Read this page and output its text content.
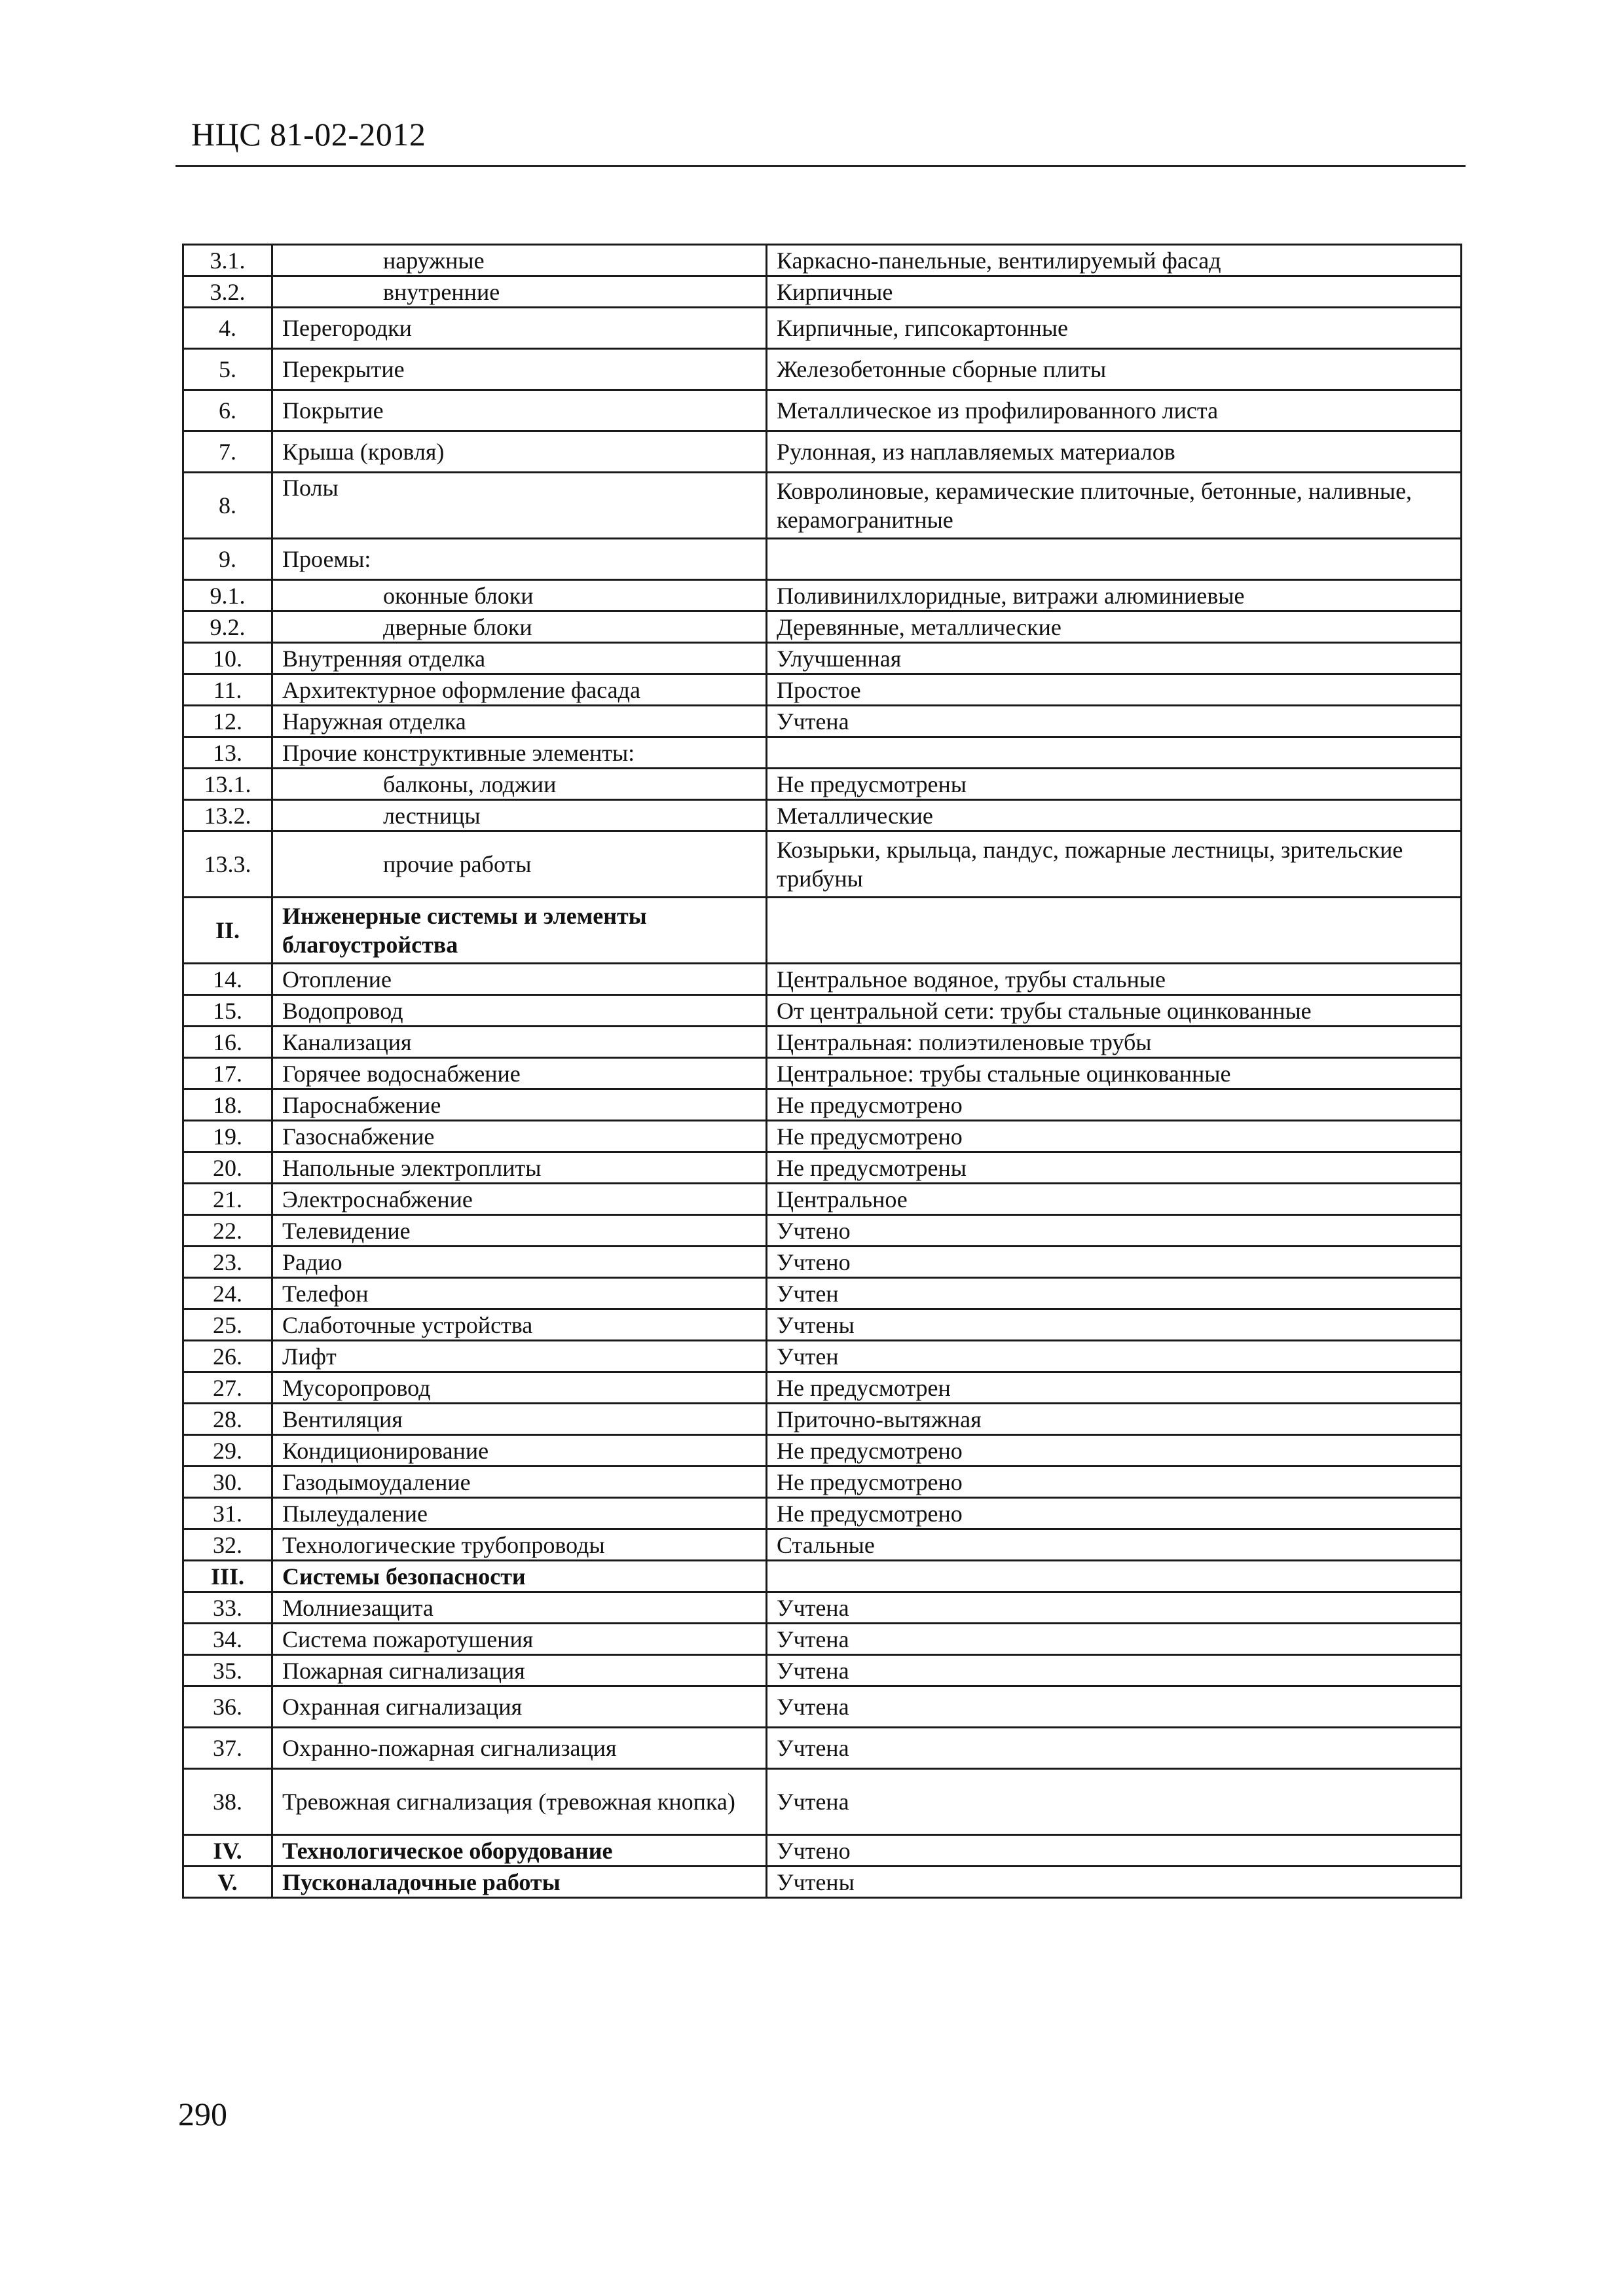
НЦС 81-02-2012
3.1.	наружные	Каркасно-панельные, вентилируемый фасад
3.2.	внутренние	Кирпичные
4.	Перегородки	Кирпичные, гипсокартонные
5.	Перекрытие	Железобетонные сборные плиты
6.	Покрытие	Металлическое из профилированного листа
7.	Крыша (кровля)	Рулонная, из наплавляемых материалов
8.	Полы	Ковролиновые, керамические плиточные, бетонные, наливные, керамогранитные
9.	Проемы:	
9.1.	оконные блоки	Поливинилхлоридные, витражи алюминиевые
9.2.	дверные блоки	Деревянные, металлические
10.	Внутренняя отделка	Улучшенная
11.	Архитектурное оформление фасада	Простое
12.	Наружная отделка	Учтена
13.	Прочие конструктивные элементы:	
13.1.	балконы, лоджии	Не предусмотрены
13.2.	лестницы	Металлические
13.3.	прочие работы	Козырьки, крыльца, пандус, пожарные лестницы, зрительские трибуны
II.	Инженерные системы и элементы благоустройства	
14.	Отопление	Центральное водяное, трубы стальные
15.	Водопровод	От центральной сети: трубы стальные оцинкованные
16.	Канализация	Центральная: полиэтиленовые трубы
17.	Горячее водоснабжение	Центральное: трубы стальные оцинкованные
18.	Пароснабжение	Не предусмотрено
19.	Газоснабжение	Не предусмотрено
20.	Напольные электроплиты	Не предусмотрены
21.	Электроснабжение	Центральное
22.	Телевидение	Учтено
23.	Радио	Учтено
24.	Телефон	Учтен
25.	Слаботочные устройства	Учтены
26.	Лифт	Учтен
27.	Мусоропровод	Не предусмотрен
28.	Вентиляция	Приточно-вытяжная
29.	Кондиционирование	Не предусмотрено
30.	Газодымоудаление	Не предусмотрено
31.	Пылеудаление	Не предусмотрено
32.	Технологические трубопроводы	Стальные
III.	Системы безопасности	
33.	Молниезащита	Учтена
34.	Система пожаротушения	Учтена
35.	Пожарная сигнализация	Учтена
36.	Охранная сигнализация	Учтена
37.	Охранно-пожарная сигнализация	Учтена
38.	Тревожная сигнализация (тревожная кнопка)	Учтена
IV.	Технологическое оборудование	Учтено
V.	Пусконаладочные работы	Учтены
290
